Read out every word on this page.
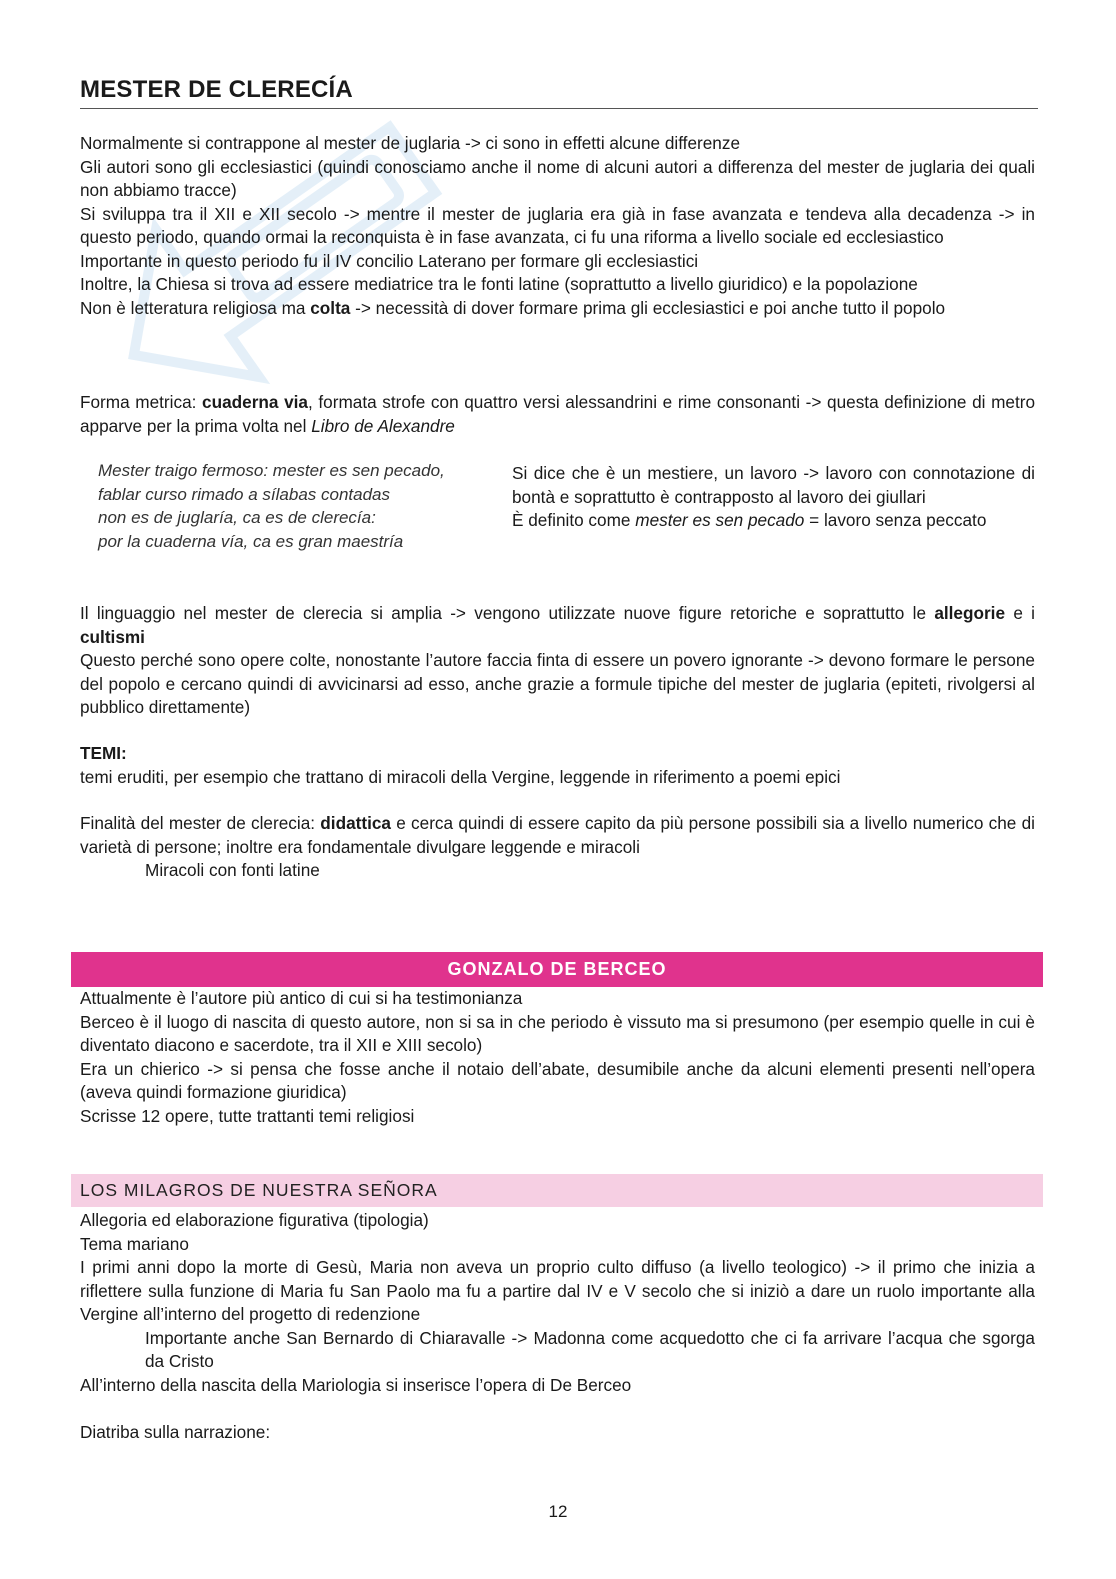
MESTER DE CLERECÍA

Normalmente si contrappone al mester de juglaria -> ci sono in effetti alcune differenze

Gli autori sono gli ecclesiastici (quindi conosciamo anche il nome di alcuni autori a differenza del mester de juglaria dei quali non abbiamo tracce)

Si sviluppa tra il XII e XII secolo -> mentre il mester de juglaria era già in fase avanzata e tendeva alla decadenza -> in questo periodo, quando ormai la reconquista è in fase avanzata, ci fu una riforma a livello sociale ed ecclesiastico

Importante in questo periodo fu il IV concilio Laterano per formare gli ecclesiastici

Inoltre, la Chiesa si trova ad essere mediatrice tra le fonti latine (soprattutto a livello giuridico) e la popolazione

Non è letteratura religiosa ma colta -> necessità di dover formare prima gli ecclesiastici e poi anche tutto il popolo

Forma metrica: cuaderna via, formata strofe con quattro versi alessandrini e rime consonanti -> questa definizione di metro apparve per la prima volta nel Libro de Alexandre

Mester traigo fermoso: mester es sen pecado,

fablar curso rimado a sílabas contadas

non es de juglaría, ca es de clerecía:

por la cuaderna vía, ca es gran maestría

Si dice che è un mestiere, un lavoro -> lavoro con connotazione di bontà e soprattutto è contrapposto al lavoro dei giullari

È definito come mester es sen pecado = lavoro senza peccato

Il linguaggio nel mester de clerecia si amplia -> vengono utilizzate nuove figure retoriche e soprattutto le allegorie e i cultismi

Questo perché sono opere colte, nonostante l’autore faccia finta di essere un povero ignorante -> devono formare le persone del popolo e cercano quindi di avvicinarsi ad esso, anche grazie a formule tipiche del mester de juglaria (epiteti, rivolgersi al pubblico direttamente)

TEMI:

temi eruditi, per esempio che trattano di miracoli della Vergine, leggende in riferimento a poemi epici

Finalità del mester de clerecia: didattica e cerca quindi di essere capito da più persone possibili sia a livello numerico che di varietà di persone; inoltre era fondamentale divulgare leggende e miracoli

Miracoli con fonti latine

GONZALO DE BERCEO

Attualmente è l’autore più antico di cui si ha testimonianza

Berceo è il luogo di nascita di questo autore, non si sa in che periodo è vissuto ma si presumono (per esempio quelle in cui è diventato diacono e sacerdote, tra il XII e XIII secolo)

Era un chierico -> si pensa che fosse anche il notaio dell’abate, desumibile anche da alcuni elementi presenti nell’opera (aveva quindi formazione giuridica)

Scrisse 12 opere, tutte trattanti temi religiosi

LOS MILAGROS DE NUESTRA SEÑORA

Allegoria ed elaborazione figurativa (tipologia)

Tema mariano

I primi anni dopo la morte di Gesù, Maria non aveva un proprio culto diffuso (a livello teologico) -> il primo che inizia a riflettere sulla funzione di Maria fu San Paolo ma fu a partire dal IV e V secolo che si iniziò a dare un ruolo importante alla Vergine all’interno del progetto di redenzione

Importante anche San Bernardo di Chiaravalle -> Madonna come acquedotto che ci fa arrivare l’acqua che sgorga da Cristo

All’interno della nascita della Mariologia si inserisce l’opera di De Berceo

Diatriba sulla narrazione:

12
